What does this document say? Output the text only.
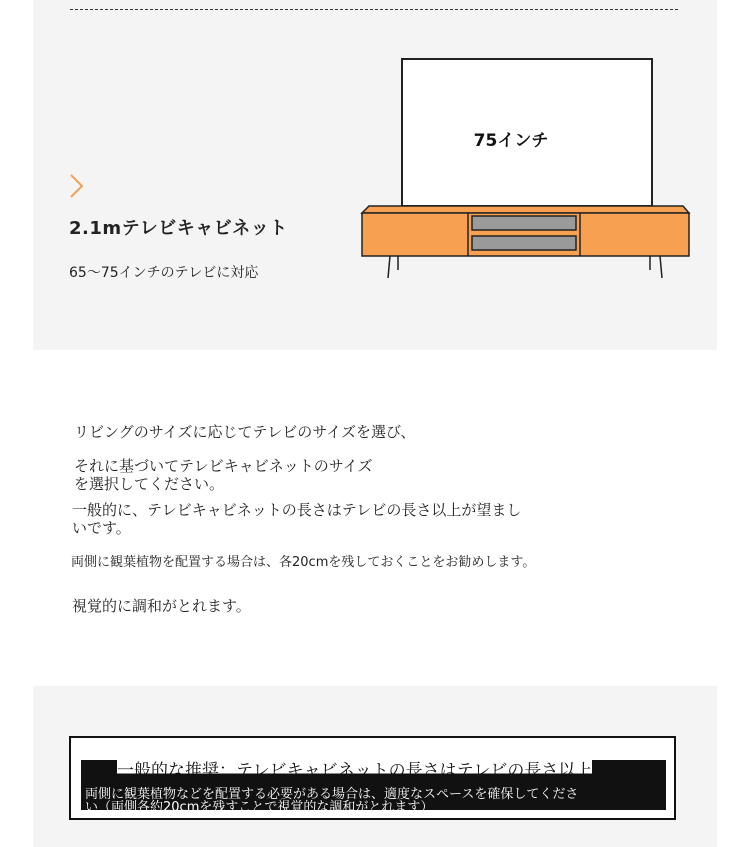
2.1mテレビキャビネット
65〜75インチのテレビに対応
75インチ
リビングのサイズに応じてテレビのサイズを選び、
それに基づいてテレビキャビネットのサイズを選択してください。
一般的に、テレビキャビネットの長さはテレビの長さ以上が望ましいです。
両側に観葉植物を配置する場合は、各20cmを残しておくことをお勧めします。
視覚的に調和がとれます。
一般的な推奨：テレビキャビネットの長さはテレビの長さ以上
両側に観葉植物などを配置する必要がある場合は、適度なスペースを確保してくださ
い（両側各約20cmを残すことで視覚的な調和がとれます）
